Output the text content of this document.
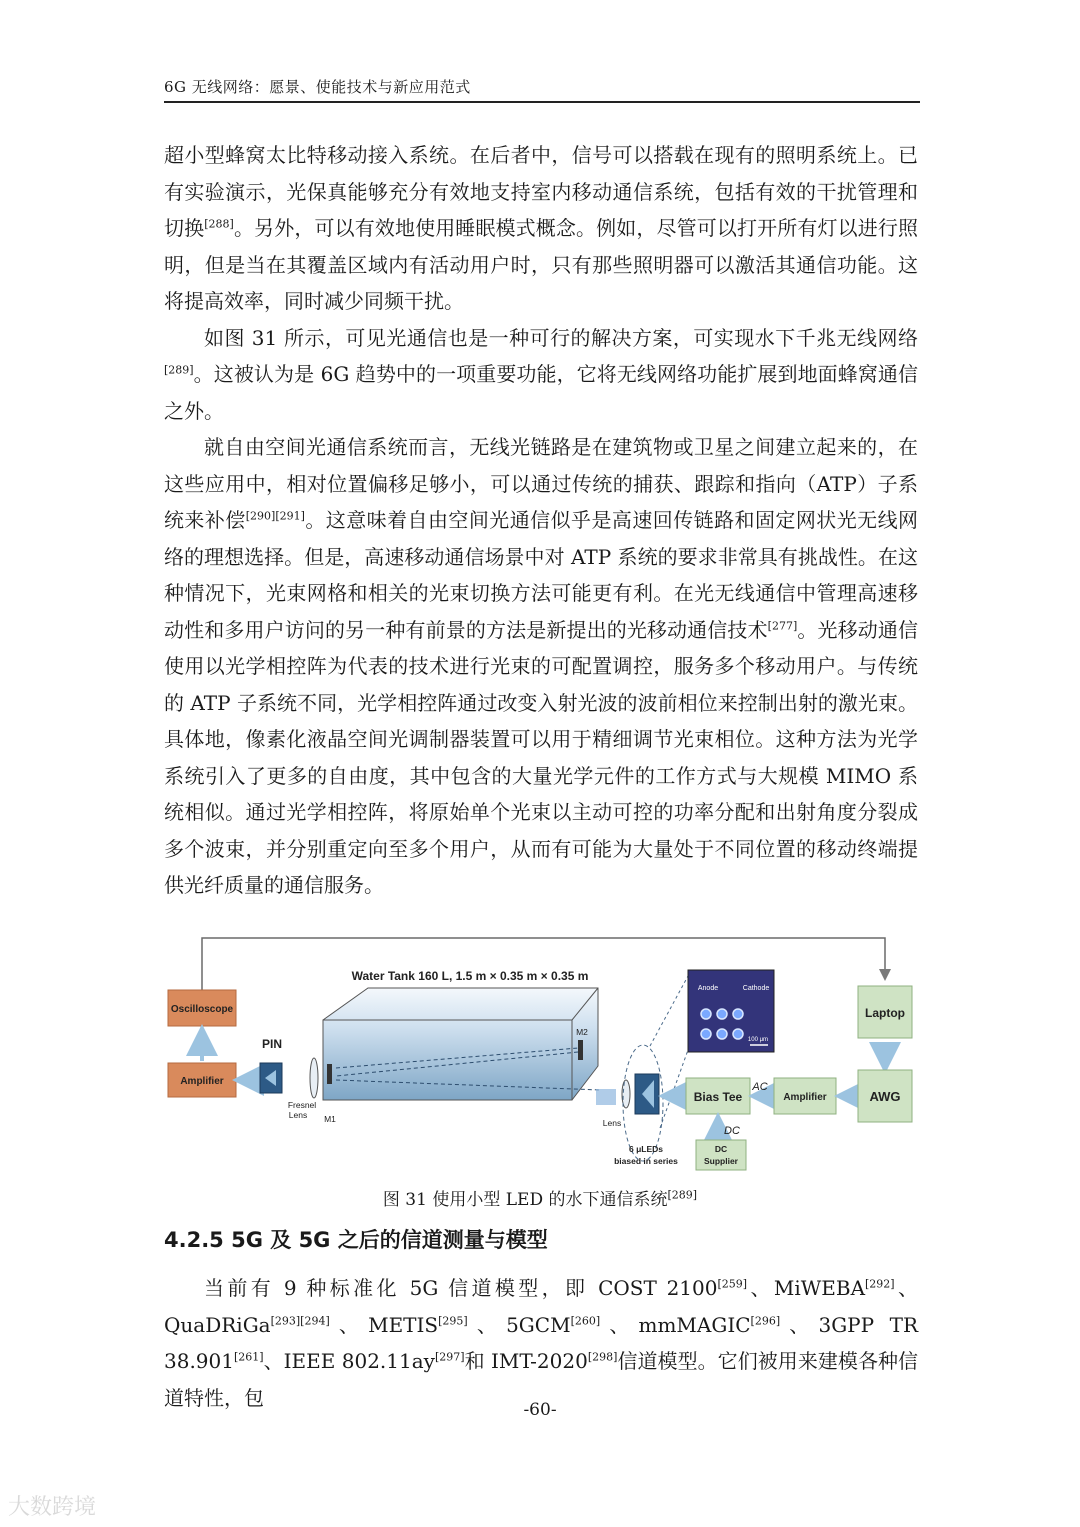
6G 无线网络：愿景、使能技术与新应用范式

超小型蜂窝太比特移动接入系统。在后者中，信号可以搭载在现有的照明系统上。已有实验演示，光保真能够充分有效地支持室内移动通信系统，包括有效的干扰管理和切换[288]。另外，可以有效地使用睡眠模式概念。例如，尽管可以打开所有灯以进行照明，但是当在其覆盖区域内有活动用户时，只有那些照明器可以激活其通信功能。这将提高效率，同时减少同频干扰。

如图 31 所示，可见光通信也是一种可行的解决方案，可实现水下千兆无线网络[289]。这被认为是 6G 趋势中的一项重要功能，它将无线网络功能扩展到地面蜂窝通信之外。

就自由空间光通信系统而言，无线光链路是在建筑物或卫星之间建立起来的，在这些应用中，相对位置偏移足够小，可以通过传统的捕获、跟踪和指向（ATP）子系统来补偿[290][291]。这意味着自由空间光通信似乎是高速回传链路和固定网状光无线网络的理想选择。但是，高速移动通信场景中对 ATP 系统的要求非常具有挑战性。在这种情况下，光束网格和相关的光束切换方法可能更有利。在光无线通信中管理高速移动性和多用户访问的另一种有前景的方法是新提出的光移动通信技术[277]。光移动通信使用以光学相控阵为代表的技术进行光束的可配置调控，服务多个移动用户。与传统的 ATP 子系统不同，光学相控阵通过改变入射光波的波前相位来控制出射的激光束。具体地，像素化液晶空间光调制器装置可以用于精细调节光束相位。这种方法为光学系统引入了更多的自由度，其中包含的大量光学元件的工作方式与大规模 MIMO 系统相似。通过光学相控阵，将原始单个光束以主动可控的功率分配和出射角度分裂成多个波束，并分别重定向至多个用户，从而有可能为大量处于不同位置的移动终端提供光纤质量的通信服务。

Oscilloscope
Amplifier
PIN
Fresnel
Lens
Water Tank 160 L, 1.5 m × 0.35 m × 0.35 m
M1
M2
Lens
6 μLEDs
biased in series
Anode	Cathode
100 μm
Bias Tee
AC
DC
DC
Supplier
Amplifier
Laptop
AWG
图 31 使用小型 LED 的水下通信系统[289]
4.2.5 5G 及 5G 之后的信道测量与模型
当前有 9 种标准化 5G 信道模型，即 COST 2100[259]、MiWEBA[292]、QuaDRiGa[293][294]、METIS[295]、5GCM[260]、mmMAGIC[296]、3GPP TR 38.901[261]、IEEE 802.11ay[297]和 IMT-2020[298]信道模型。它们被用来建模各种信道特性，包
-60-
大数跨境
